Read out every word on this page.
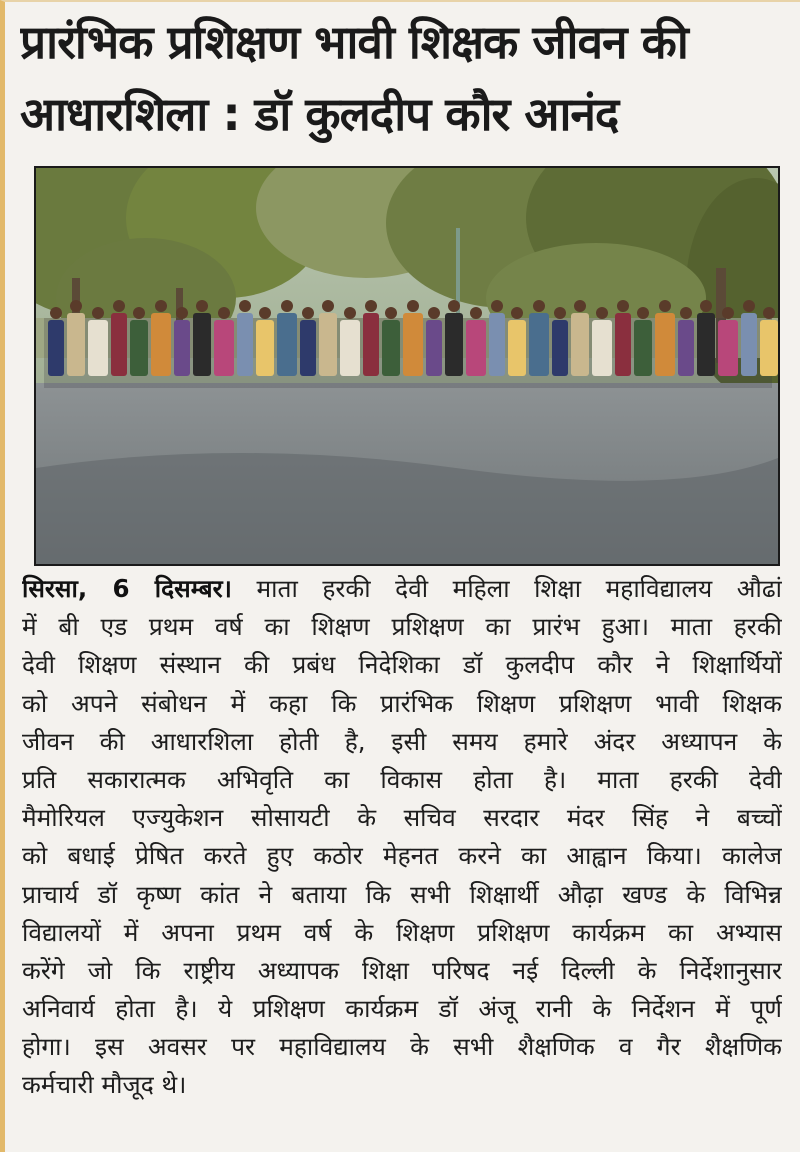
प्रारंभिक प्रशिक्षण भावी शिक्षक जीवन की
आधारशिला : डॉ कुलदीप कौर आनंद
सिरसा, 6 दिसम्बर। माता हरकी देवी महिला शिक्षा महाविद्यालय औढां
में बी एड प्रथम वर्ष का शिक्षण प्रशिक्षण का प्रारंभ हुआ। माता हरकी
देवी शिक्षण संस्थान की प्रबंध निदेशिका डॉ कुलदीप कौर ने शिक्षार्थियों
को अपने संबोधन में कहा कि प्रारंभिक शिक्षण प्रशिक्षण भावी शिक्षक
जीवन की आधारशिला होती है, इसी समय हमारे अंदर अध्यापन के
प्रति सकारात्मक अभिवृति का विकास होता है। माता हरकी देवी
मैमोरियल एज्युकेशन सोसायटी के सचिव सरदार मंदर सिंह ने बच्चों
को बधाई प्रेषित करते हुए कठोर मेहनत करने का आह्वान किया। कालेज
प्राचार्य डॉ कृष्ण कांत ने बताया कि सभी शिक्षार्थी औढ़ा खण्ड के विभिन्न
विद्यालयों में अपना प्रथम वर्ष के शिक्षण प्रशिक्षण कार्यक्रम का अभ्यास
करेंगे जो कि राष्ट्रीय अध्यापक शिक्षा परिषद नई दिल्ली के निर्देशानुसार
अनिवार्य होता है। ये प्रशिक्षण कार्यक्रम डॉ अंजू रानी के निर्देशन में पूर्ण
होगा। इस अवसर पर महाविद्यालय के सभी शैक्षणिक व गैर शैक्षणिक
कर्मचारी मौजूद थे।
